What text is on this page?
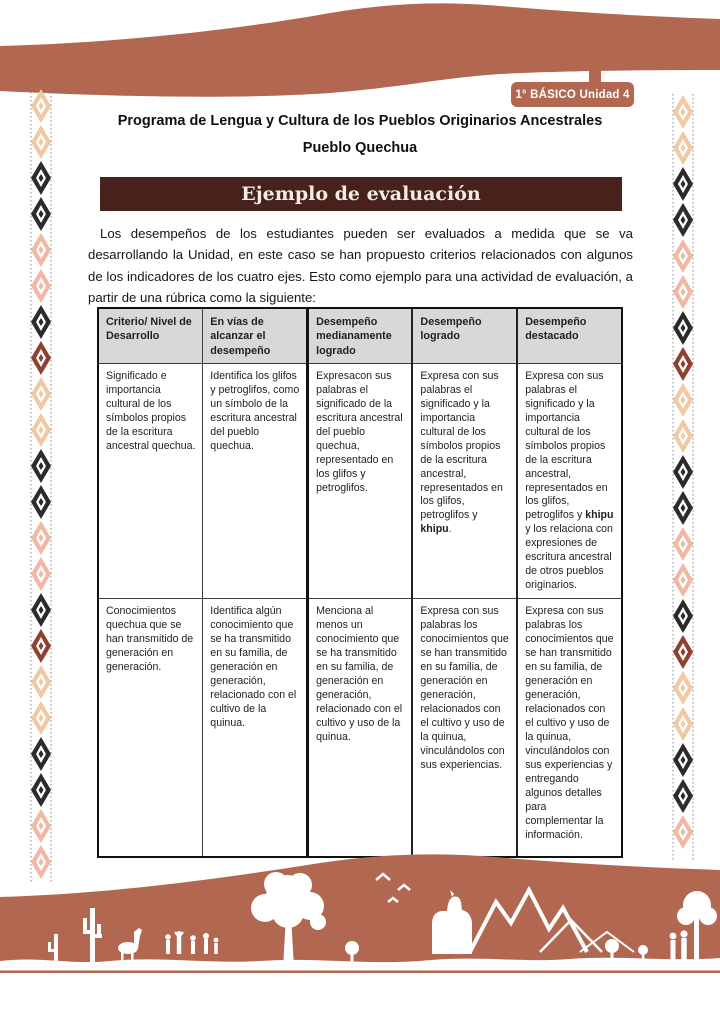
1° BÁSICO Unidad 4
Programa de Lengua y Cultura de los Pueblos Originarios Ancestrales
Pueblo Quechua
Ejemplo de evaluación

Los desempeños de los estudiantes pueden ser evaluados a medida que se va desarrollando la Unidad, en este caso se han propuesto criterios relacionados con algunos de los indicadores de los cuatro ejes. Esto como ejemplo para una actividad de evaluación, a partir de una rúbrica como la siguiente:

Criterio/ Nivel de Desarrollo	En vías de alcanzar el desempeño	Desempeño medianamente logrado	Desempeño logrado	Desempeño destacado
Significado e importancia cultural de los símbolos propios de la escritura ancestral quechua.	Identifica los glifos y petroglifos, como un símbolo de la escritura ancestral del pueblo quechua.	Expresacon sus palabras el significado de la escritura ancestral del pueblo quechua, representado en los glifos y petroglifos.	Expresa con sus palabras el significado y la importancia cultural de los símbolos propios de la escritura ancestral, representados en los glifos, petroglifos y khipu.	Expresa con sus palabras el significado y la importancia cultural de los símbolos propios de la escritura ancestral, representados en los glifos, petroglifos y khipu y los relaciona con expresiones de escritura ancestral de otros pueblos originarios.
Conocimientos quechua que se han transmitido de generación en generación.	Identifica algún conocimiento que se ha transmitido en su familia, de generación en generación, relacionado con el cultivo de la quinua.	Menciona al menos un conocimiento que se ha transmitido en su familia, de generación en generación, relacionado con el cultivo y uso de la quinua.	Expresa con sus palabras los conocimientos que se han transmitido en su familia, de generación en generación, relacionados con el cultivo y uso de la quinua, vinculándolos con sus experiencias.	Expresa con sus palabras los conocimientos que se han transmitido en su familia, de generación en generación, relacionados con el cultivo y uso de la quinua, vinculándolos con sus experiencias y entregando algunos detalles para complementar la información.
